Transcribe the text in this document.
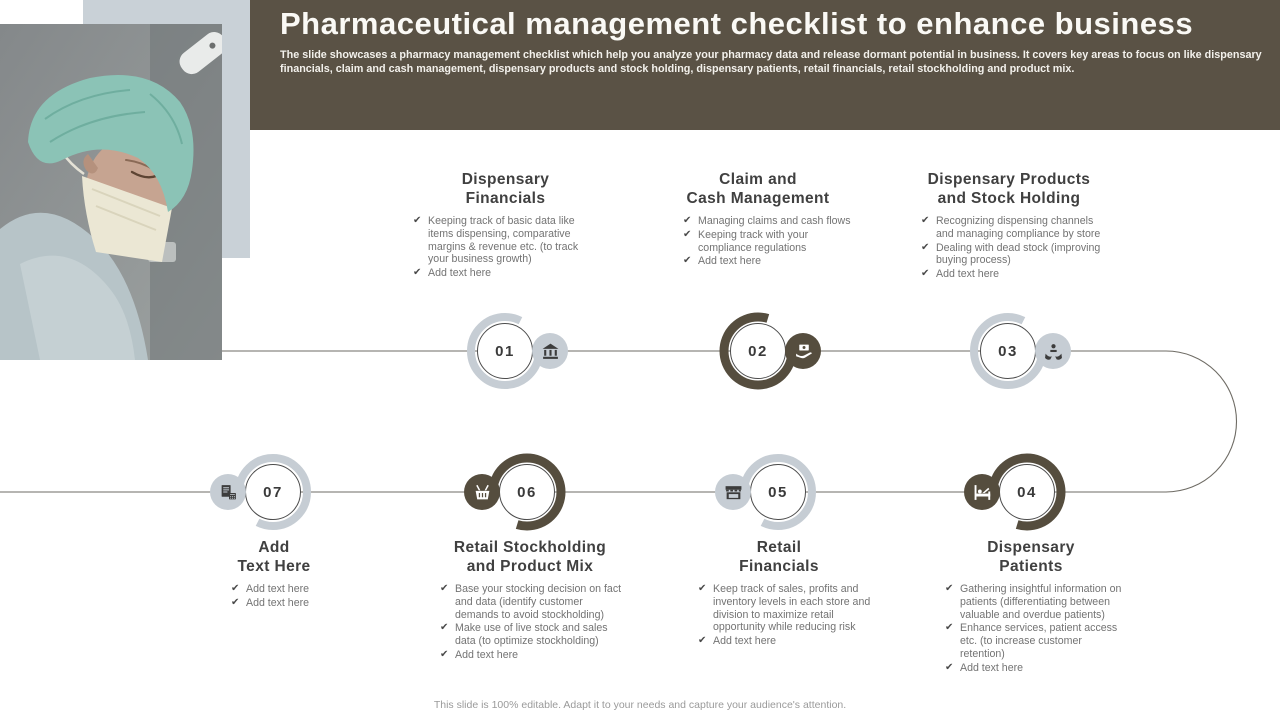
Pharmaceutical management checklist to enhance business
The slide showcases a pharmacy management checklist which help you analyze your pharmacy data and release dormant potential in business. It covers key areas to focus on like dispensary financials, claim and cash management, dispensary products and stock holding, dispensary patients, retail financials, retail stockholding and product mix.
01	02	03
04
05
06
07
Dispensary
Financials
✔ Keeping track of basic data like items dispensing, comparative margins & revenue etc. (to track your business growth)
✔ Add text here
Claim and
Cash Management
✔ Managing claims and cash flows
✔ Keeping track with your compliance regulations
✔ Add text here
Dispensary Products
and Stock Holding
✔ Recognizing dispensing channels and managing compliance by store
✔ Dealing with dead stock (improving buying process)
✔ Add text here
Add
Text Here
✔ Add text here
✔ Add text here
Retail Stockholding
and Product Mix
✔ Base your stocking decision on fact and data (identify customer demands to avoid stockholding)
✔ Make use of live stock and sales data (to optimize stockholding)
✔ Add text here
Retail
Financials
✔ Keep track of sales, profits and inventory levels in each store and division to maximize retail opportunity while reducing risk
✔ Add text here
Dispensary
Patients
✔ Gathering insightful information on patients (differentiating between valuable and overdue patients)
✔ Enhance services, patient access etc. (to increase customer retention)
✔ Add text here
This slide is 100% editable. Adapt it to your needs and capture your audience's attention.
